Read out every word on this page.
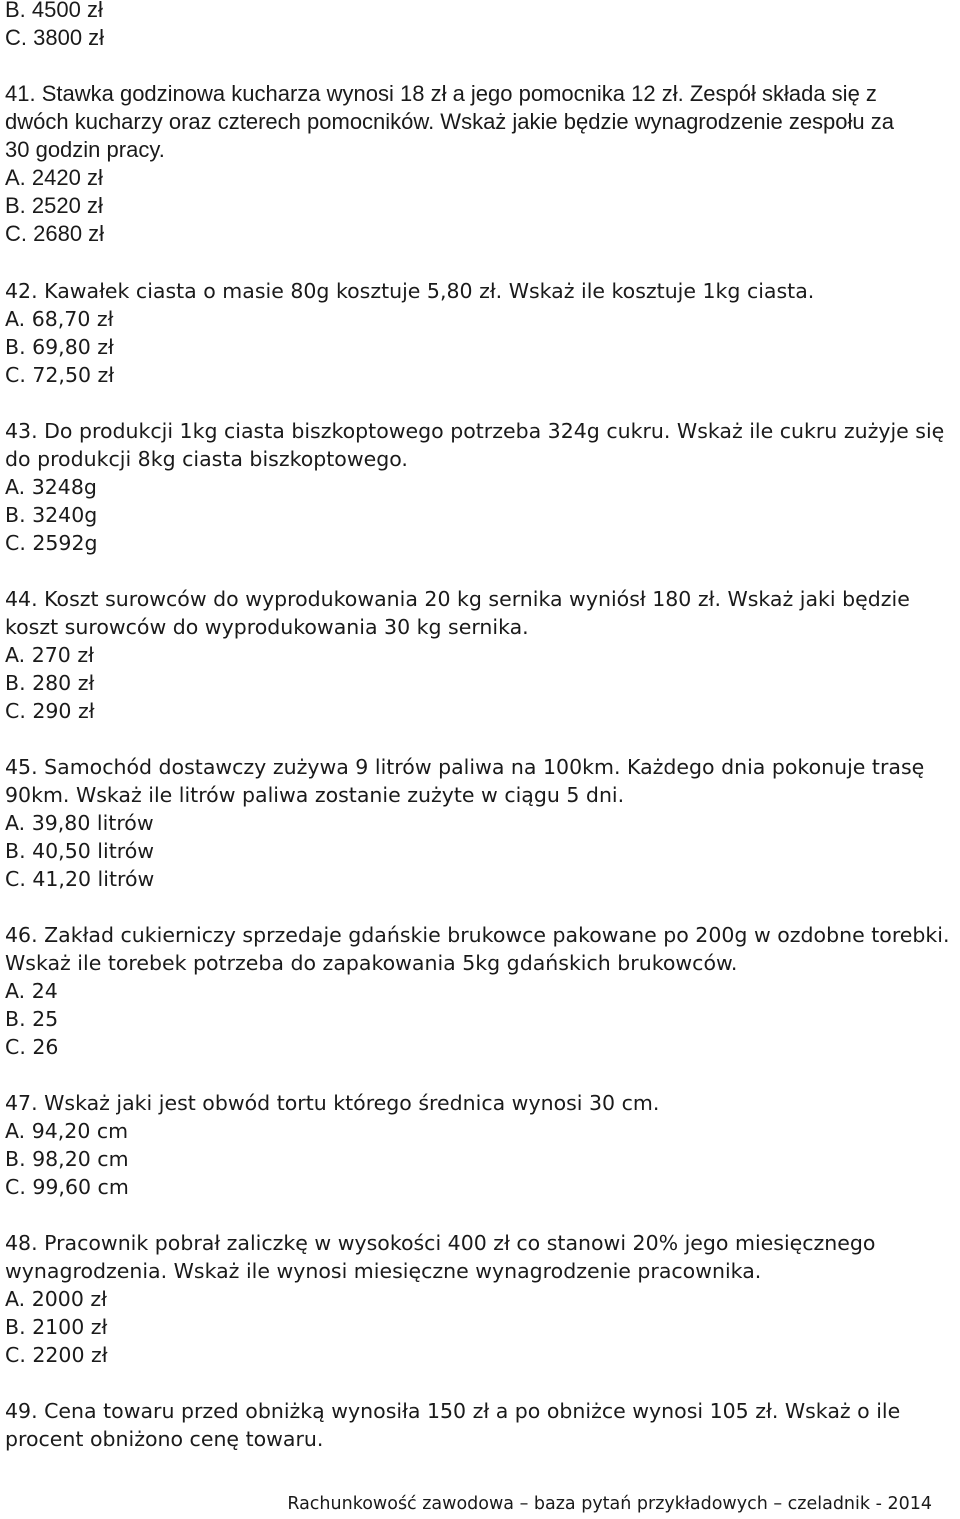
B. 4500 zł
C. 3800 zł
41. Stawka godzinowa kucharza wynosi 18 zł a jego pomocnika 12 zł. Zespół składa się z
dwóch kucharzy oraz czterech pomocników. Wskaż jakie będzie wynagrodzenie zespołu za
30 godzin pracy.
A. 2420 zł
B. 2520 zł
C. 2680 zł
42. Kawałek ciasta o masie 80g kosztuje 5,80 zł. Wskaż ile kosztuje 1kg ciasta.
A. 68,70 zł
B. 69,80 zł
C. 72,50 zł
43. Do produkcji 1kg ciasta biszkoptowego potrzeba 324g cukru. Wskaż ile cukru zużyje się
do produkcji 8kg ciasta biszkoptowego.
A. 3248g
B. 3240g
C. 2592g
44. Koszt surowców do wyprodukowania 20 kg sernika wyniósł 180 zł. Wskaż jaki będzie
koszt surowców do wyprodukowania 30 kg sernika.
A. 270 zł
B. 280 zł
C. 290 zł
45. Samochód dostawczy zużywa 9 litrów paliwa na 100km. Każdego dnia pokonuje trasę
90km. Wskaż ile litrów paliwa zostanie zużyte w ciągu 5 dni.
A. 39,80 litrów
B. 40,50 litrów
C. 41,20 litrów
46. Zakład cukierniczy sprzedaje gdańskie brukowce pakowane po 200g w ozdobne torebki.
Wskaż ile torebek potrzeba do zapakowania 5kg gdańskich brukowców.
A. 24
B. 25
C. 26
47. Wskaż jaki jest obwód tortu którego średnica wynosi 30 cm.
A. 94,20 cm
B. 98,20 cm
C. 99,60 cm
48. Pracownik pobrał zaliczkę w wysokości 400 zł co stanowi 20% jego miesięcznego
wynagrodzenia. Wskaż ile wynosi miesięczne wynagrodzenie pracownika.
A. 2000 zł
B. 2100 zł
C. 2200 zł
49. Cena towaru przed obniżką wynosiła 150 zł a po obniżce wynosi 105 zł. Wskaż o ile
procent obniżono cenę towaru.
Rachunkowość zawodowa – baza pytań przykładowych – czeladnik - 2014
